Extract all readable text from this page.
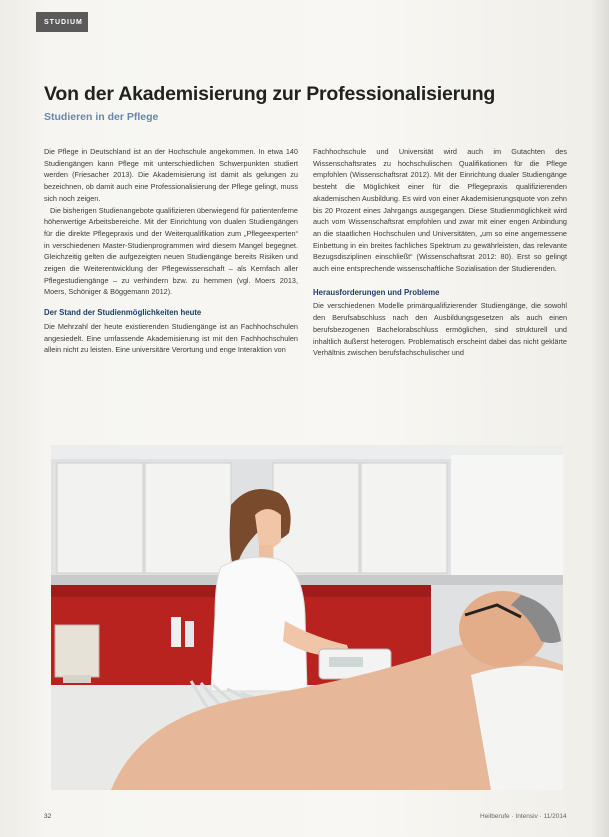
STUDIUM
Von der Akademisierung zur Professionalisierung
Studieren in der Pflege

Die Pflege in Deutschland ist an der Hochschule angekommen. In etwa 140 Studiengängen kann Pflege mit unterschiedlichen Schwerpunkten studiert werden (Friesacher 2013). Die Akademisierung ist damit als gelungen zu bezeichnen, ob damit auch eine Professionalisierung der Pflege gelingt, muss sich noch zeigen.

Die bisherigen Studienangebote qualifizieren überwiegend für patientenferne höherwertige Arbeitsbereiche. Mit der Einrichtung von dualen Studiengängen für die direkte Pflegepraxis und der Weiterqualifikation zum „Pflegeexperten“ in verschiedenen Master-Studienprogrammen wird diesem Mangel begegnet. Gleichzeitig gelten die aufgezeigten neuen Studiengänge bereits Risiken und zeigen die Weiterentwicklung der Pflegewissenschaft – als Kernfach aller Pflegestudiengänge – zu verhindern bzw. zu hemmen (vgl. Moers 2013, Moers, Schöniger & Böggemann 2012).

Der Stand der Studienmöglichkeiten heute

Die Mehrzahl der heute existierenden Studiengänge ist an Fachhochschulen angesiedelt. Eine umfassende Akademisierung ist mit den Fachhochschulen allein nicht zu leisten. Eine universitäre Verortung und enge Interaktion von

Fachhochschule und Universität wird auch im Gutachten des Wissenschaftsrates zu hochschulischen Qualifikationen für die Pflege empfohlen (Wissenschaftsrat 2012). Mit der Einrichtung dualer Studiengänge besteht die Möglichkeit einer für die Pflegepraxis qualifizierenden akademischen Ausbildung. Es wird von einer Akademisierungsquote von zehn bis 20 Prozent eines Jahrgangs ausgegangen. Diese Studienmöglichkeit wird auch vom Wissenschaftsrat empfohlen und zwar mit einer engen Anbindung an die staatlichen Hochschulen und Universitäten, „um so eine angemessene Einbettung in ein breites fachliches Spektrum zu gewährleisten, das relevante Bezugsdisziplinen einschließt“ (Wissenschaftsrat 2012: 80). Erst so gelingt auch eine entsprechende wissenschaftliche Sozialisation der Studierenden.

Herausforderungen und Probleme

Die verschiedenen Modelle primärqualifizierender Studiengänge, die sowohl den Berufsabschluss nach den Ausbildungsgesetzen als auch einen berufsbezogenen Bachelorabschluss ermöglichen, sind strukturell und inhaltlich äußerst heterogen. Problematisch erscheint dabei das nicht geklärte Verhältnis zwischen berufsfachschulischer und

32	Heilberufe · Intensiv · 11/2014
